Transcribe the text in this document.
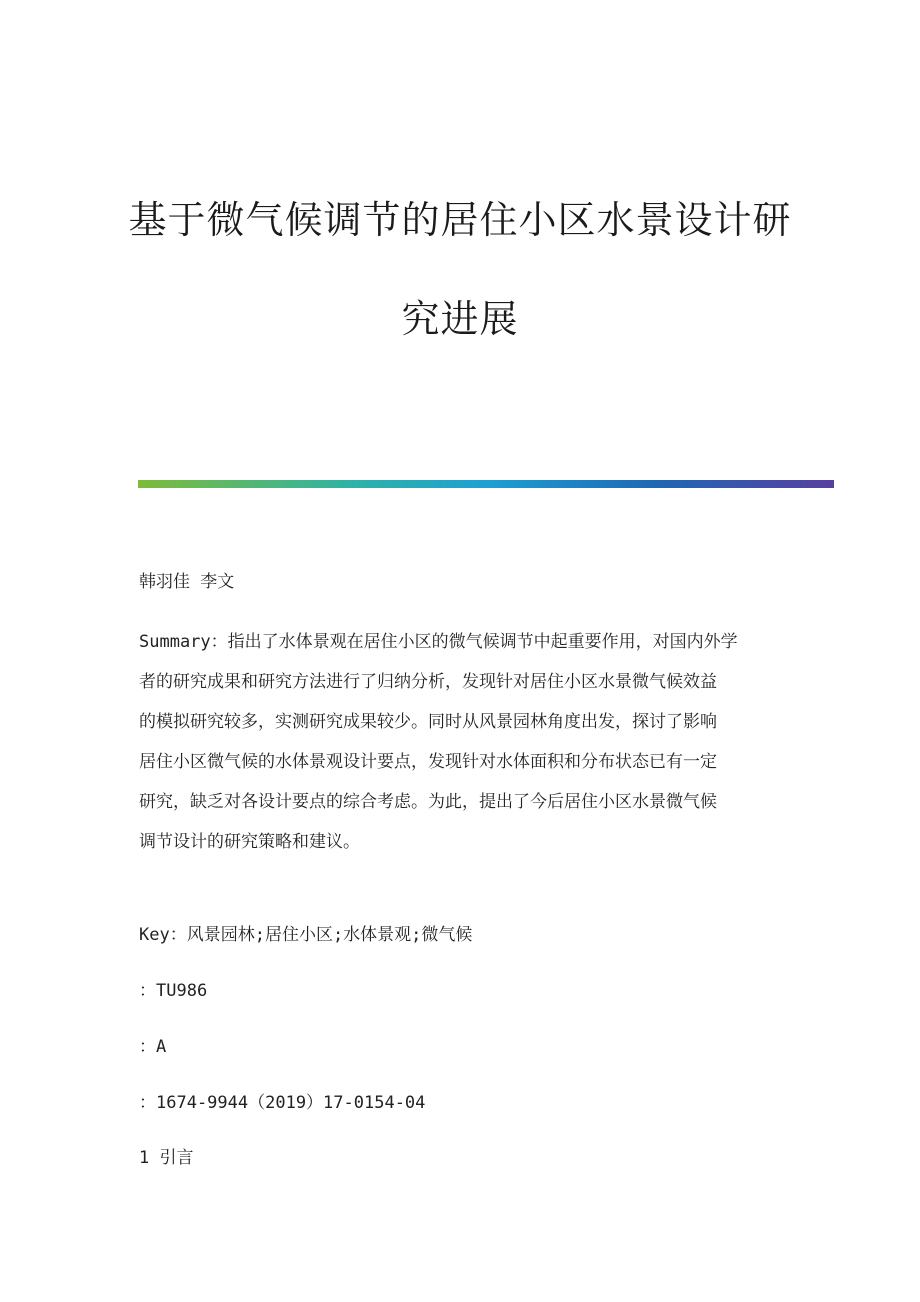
基于微气候调节的居住小区水景设计研
究进展

韩羽佳 李文

Summary：指出了水体景观在居住小区的微气候调节中起重要作用，对国内外学
者的研究成果和研究方法进行了归纳分析，发现针对居住小区水景微气候效益
的模拟研究较多，实测研究成果较少。同时从风景园林角度出发，探讨了影响
居住小区微气候的水体景观设计要点，发现针对水体面积和分布状态已有一定
研究，缺乏对各设计要点的综合考虑。为此，提出了今后居住小区水景微气候
调节设计的研究策略和建议。

Key：风景园林;居住小区;水体景观;微气候

：TU986

：A

：1674-9944（2019）17-0154-04

1 引言
